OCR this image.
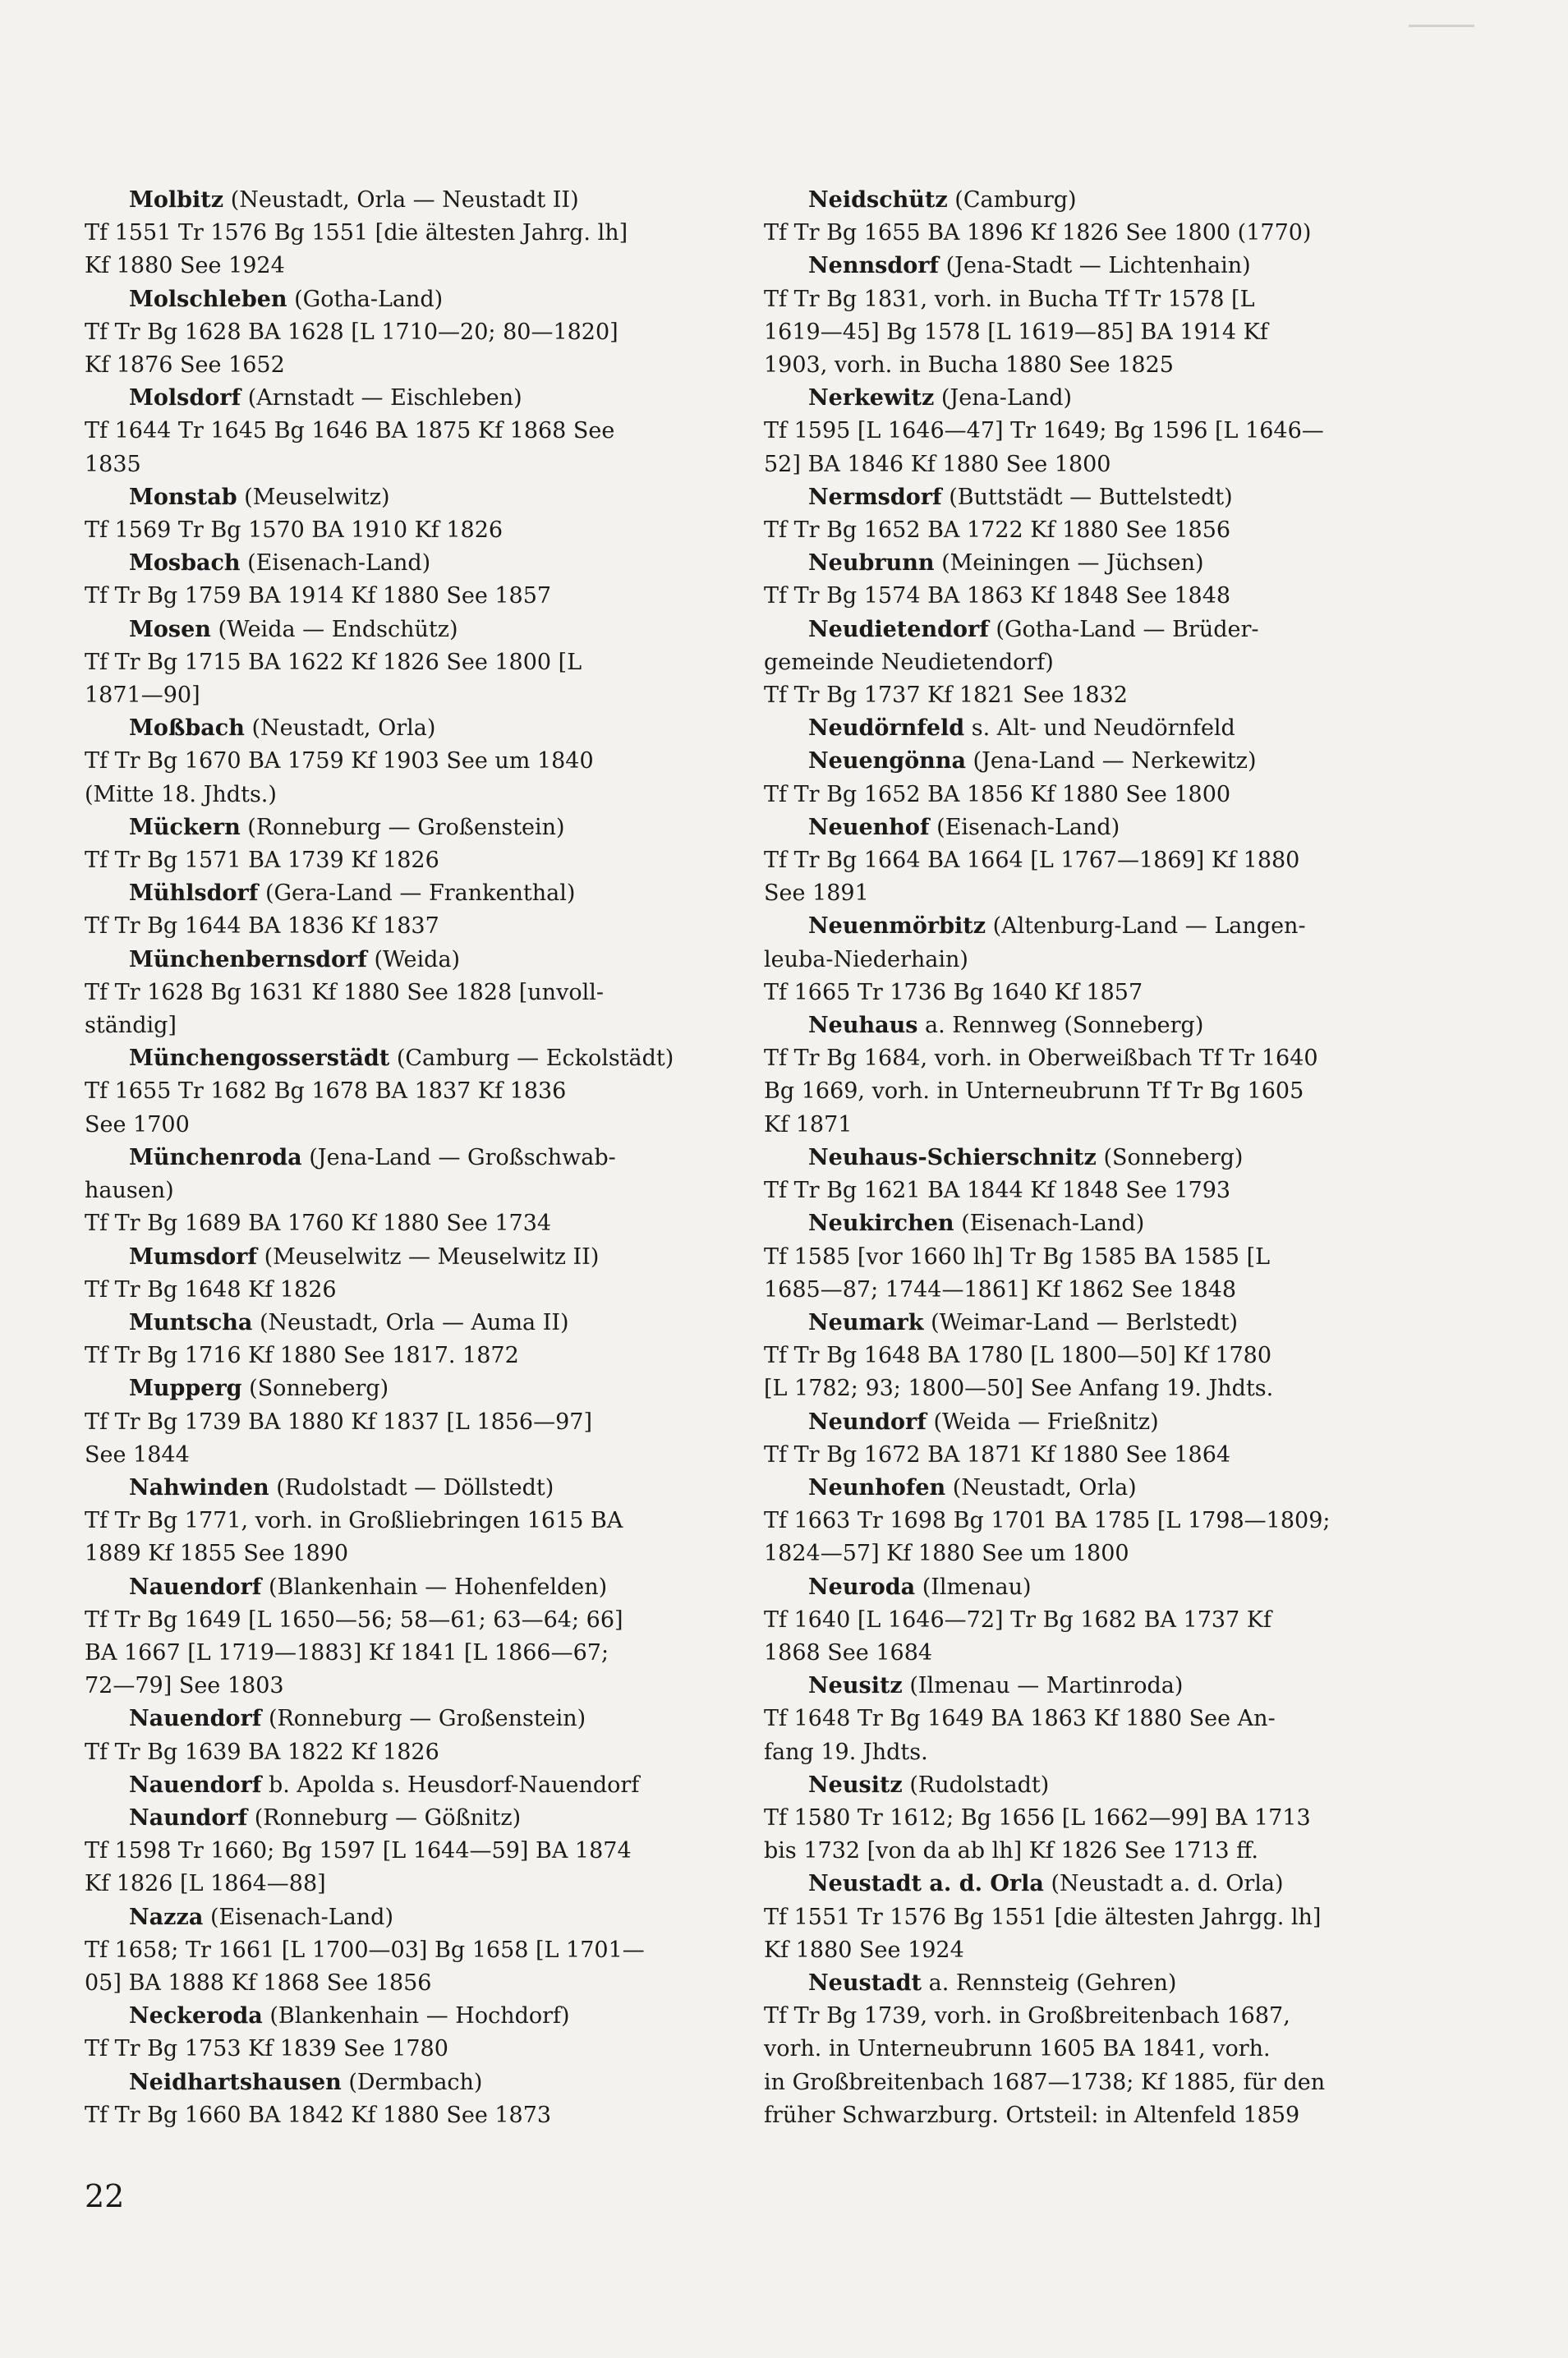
Molbitz (Neustadt, Orla — Neustadt II)

Tf 1551 Tr 1576 Bg 1551 [die ältesten Jahrg. lh]

Kf 1880 See 1924

Molschleben (Gotha-Land)

Tf Tr Bg 1628 BA 1628 [L 1710—20; 80—1820]

Kf 1876 See 1652

Molsdorf (Arnstadt — Eischleben)

Tf 1644 Tr 1645 Bg 1646 BA 1875 Kf 1868 See

1835

Monstab (Meuselwitz)

Tf 1569 Tr Bg 1570 BA 1910 Kf 1826

Mosbach (Eisenach-Land)

Tf Tr Bg 1759 BA 1914 Kf 1880 See 1857

Mosen (Weida — Endschütz)

Tf Tr Bg 1715 BA 1622 Kf 1826 See 1800 [L

1871—90]

Moßbach (Neustadt, Orla)

Tf Tr Bg 1670 BA 1759 Kf 1903 See um 1840

(Mitte 18. Jhdts.)

Mückern (Ronneburg — Großenstein)

Tf Tr Bg 1571 BA 1739 Kf 1826

Mühlsdorf (Gera-Land — Frankenthal)

Tf Tr Bg 1644 BA 1836 Kf 1837

Münchenbernsdorf (Weida)

Tf Tr 1628 Bg 1631 Kf 1880 See 1828 [unvoll-

ständig]

Münchengosserstädt (Camburg — Eckolstädt)

Tf 1655 Tr 1682 Bg 1678 BA 1837 Kf 1836

See 1700

Münchenroda (Jena-Land — Großschwab-

hausen)

Tf Tr Bg 1689 BA 1760 Kf 1880 See 1734

Mumsdorf (Meuselwitz — Meuselwitz II)

Tf Tr Bg 1648 Kf 1826

Muntscha (Neustadt, Orla — Auma II)

Tf Tr Bg 1716 Kf 1880 See 1817. 1872

Mupperg (Sonneberg)

Tf Tr Bg 1739 BA 1880 Kf 1837 [L 1856—97]

See 1844

Nahwinden (Rudolstadt — Döllstedt)

Tf Tr Bg 1771, vorh. in Großliebringen 1615 BA

1889 Kf 1855 See 1890

Nauendorf (Blankenhain — Hohenfelden)

Tf Tr Bg 1649 [L 1650—56; 58—61; 63—64; 66]

BA 1667 [L 1719—1883] Kf 1841 [L 1866—67;

72—79] See 1803

Nauendorf (Ronneburg — Großenstein)

Tf Tr Bg 1639 BA 1822 Kf 1826

Nauendorf b. Apolda s. Heusdorf-Nauendorf

Naundorf (Ronneburg — Gößnitz)

Tf 1598 Tr 1660; Bg 1597 [L 1644—59] BA 1874

Kf 1826 [L 1864—88]

Nazza (Eisenach-Land)

Tf 1658; Tr 1661 [L 1700—03] Bg 1658 [L 1701—

05] BA 1888 Kf 1868 See 1856

Neckeroda (Blankenhain — Hochdorf)

Tf Tr Bg 1753 Kf 1839 See 1780

Neidhartshausen (Dermbach)

Tf Tr Bg 1660 BA 1842 Kf 1880 See 1873

Neidschütz (Camburg)

Tf Tr Bg 1655 BA 1896 Kf 1826 See 1800 (1770)

Nennsdorf (Jena-Stadt — Lichtenhain)

Tf Tr Bg 1831, vorh. in Bucha Tf Tr 1578 [L

1619—45] Bg 1578 [L 1619—85] BA 1914 Kf

1903, vorh. in Bucha 1880 See 1825

Nerkewitz (Jena-Land)

Tf 1595 [L 1646—47] Tr 1649; Bg 1596 [L 1646—

52] BA 1846 Kf 1880 See 1800

Nermsdorf (Buttstädt — Buttelstedt)

Tf Tr Bg 1652 BA 1722 Kf 1880 See 1856

Neubrunn (Meiningen — Jüchsen)

Tf Tr Bg 1574 BA 1863 Kf 1848 See 1848

Neudietendorf (Gotha-Land — Brüder-

gemeinde Neudietendorf)

Tf Tr Bg 1737 Kf 1821 See 1832

Neudörnfeld s. Alt- und Neudörnfeld

Neuengönna (Jena-Land — Nerkewitz)

Tf Tr Bg 1652 BA 1856 Kf 1880 See 1800

Neuenhof (Eisenach-Land)

Tf Tr Bg 1664 BA 1664 [L 1767—1869] Kf 1880

See 1891

Neuenmörbitz (Altenburg-Land — Langen-

leuba-Niederhain)

Tf 1665 Tr 1736 Bg 1640 Kf 1857

Neuhaus a. Rennweg (Sonneberg)

Tf Tr Bg 1684, vorh. in Oberweißbach Tf Tr 1640

Bg 1669, vorh. in Unterneubrunn Tf Tr Bg 1605

Kf 1871

Neuhaus-Schierschnitz (Sonneberg)

Tf Tr Bg 1621 BA 1844 Kf 1848 See 1793

Neukirchen (Eisenach-Land)

Tf 1585 [vor 1660 lh] Tr Bg 1585 BA 1585 [L

1685—87; 1744—1861] Kf 1862 See 1848

Neumark (Weimar-Land — Berlstedt)

Tf Tr Bg 1648 BA 1780 [L 1800—50] Kf 1780

[L 1782; 93; 1800—50] See Anfang 19. Jhdts.

Neundorf (Weida — Frießnitz)

Tf Tr Bg 1672 BA 1871 Kf 1880 See 1864

Neunhofen (Neustadt, Orla)

Tf 1663 Tr 1698 Bg 1701 BA 1785 [L 1798—1809;

1824—57] Kf 1880 See um 1800

Neuroda (Ilmenau)

Tf 1640 [L 1646—72] Tr Bg 1682 BA 1737 Kf

1868 See 1684

Neusitz (Ilmenau — Martinroda)

Tf 1648 Tr Bg 1649 BA 1863 Kf 1880 See An-

fang 19. Jhdts.

Neusitz (Rudolstadt)

Tf 1580 Tr 1612; Bg 1656 [L 1662—99] BA 1713

bis 1732 [von da ab lh] Kf 1826 See 1713 ff.

Neustadt a. d. Orla (Neustadt a. d. Orla)

Tf 1551 Tr 1576 Bg 1551 [die ältesten Jahrgg. lh]

Kf 1880 See 1924

Neustadt a. Rennsteig (Gehren)

Tf Tr Bg 1739, vorh. in Großbreitenbach 1687,

vorh. in Unterneubrunn 1605 BA 1841, vorh.

in Großbreitenbach 1687—1738; Kf 1885, für den

früher Schwarzburg. Ortsteil: in Altenfeld 1859

22
